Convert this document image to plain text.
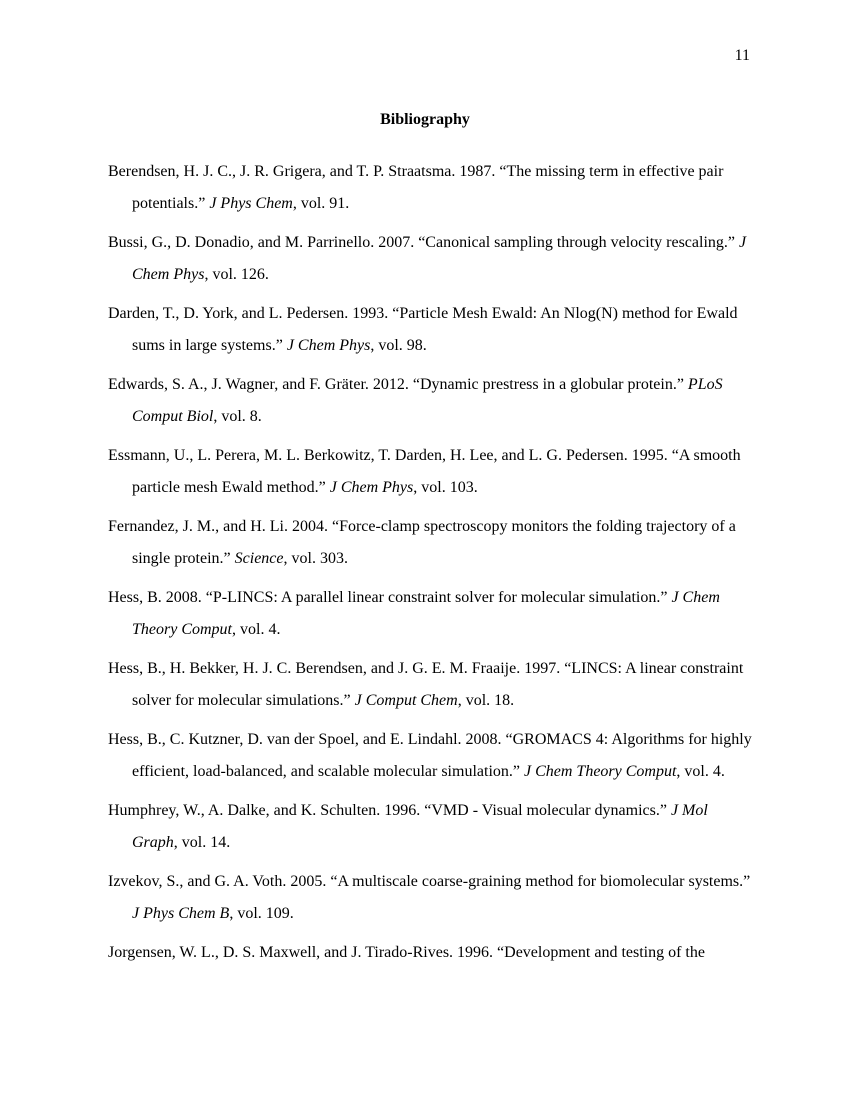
11
Bibliography
Berendsen, H. J. C., J. R. Grigera, and T. P. Straatsma. 1987. “The missing term in effective pair potentials.” J Phys Chem, vol. 91.
Bussi, G., D. Donadio, and M. Parrinello. 2007. “Canonical sampling through velocity rescaling.” J Chem Phys, vol. 126.
Darden, T., D. York, and L. Pedersen. 1993. “Particle Mesh Ewald: An Nlog(N) method for Ewald sums in large systems.” J Chem Phys, vol. 98.
Edwards, S. A., J. Wagner, and F. Gräter. 2012. “Dynamic prestress in a globular protein.” PLoS Comput Biol, vol. 8.
Essmann, U., L. Perera, M. L. Berkowitz, T. Darden, H. Lee, and L. G. Pedersen. 1995. “A smooth particle mesh Ewald method.” J Chem Phys, vol. 103.
Fernandez, J. M., and H. Li. 2004. “Force-clamp spectroscopy monitors the folding trajectory of a single protein.” Science, vol. 303.
Hess, B. 2008. “P-LINCS: A parallel linear constraint solver for molecular simulation.” J Chem Theory Comput, vol. 4.
Hess, B., H. Bekker, H. J. C. Berendsen, and J. G. E. M. Fraaije. 1997. “LINCS: A linear constraint solver for molecular simulations.” J Comput Chem, vol. 18.
Hess, B., C. Kutzner, D. van der Spoel, and E. Lindahl. 2008. “GROMACS 4: Algorithms for highly efficient, load-balanced, and scalable molecular simulation.” J Chem Theory Comput, vol. 4.
Humphrey, W., A. Dalke, and K. Schulten. 1996. “VMD - Visual molecular dynamics.” J Mol Graph, vol. 14.
Izvekov, S., and G. A. Voth. 2005. “A multiscale coarse-graining method for biomolecular systems.” J Phys Chem B, vol. 109.
Jorgensen, W. L., D. S. Maxwell, and J. Tirado-Rives. 1996. “Development and testing of the
